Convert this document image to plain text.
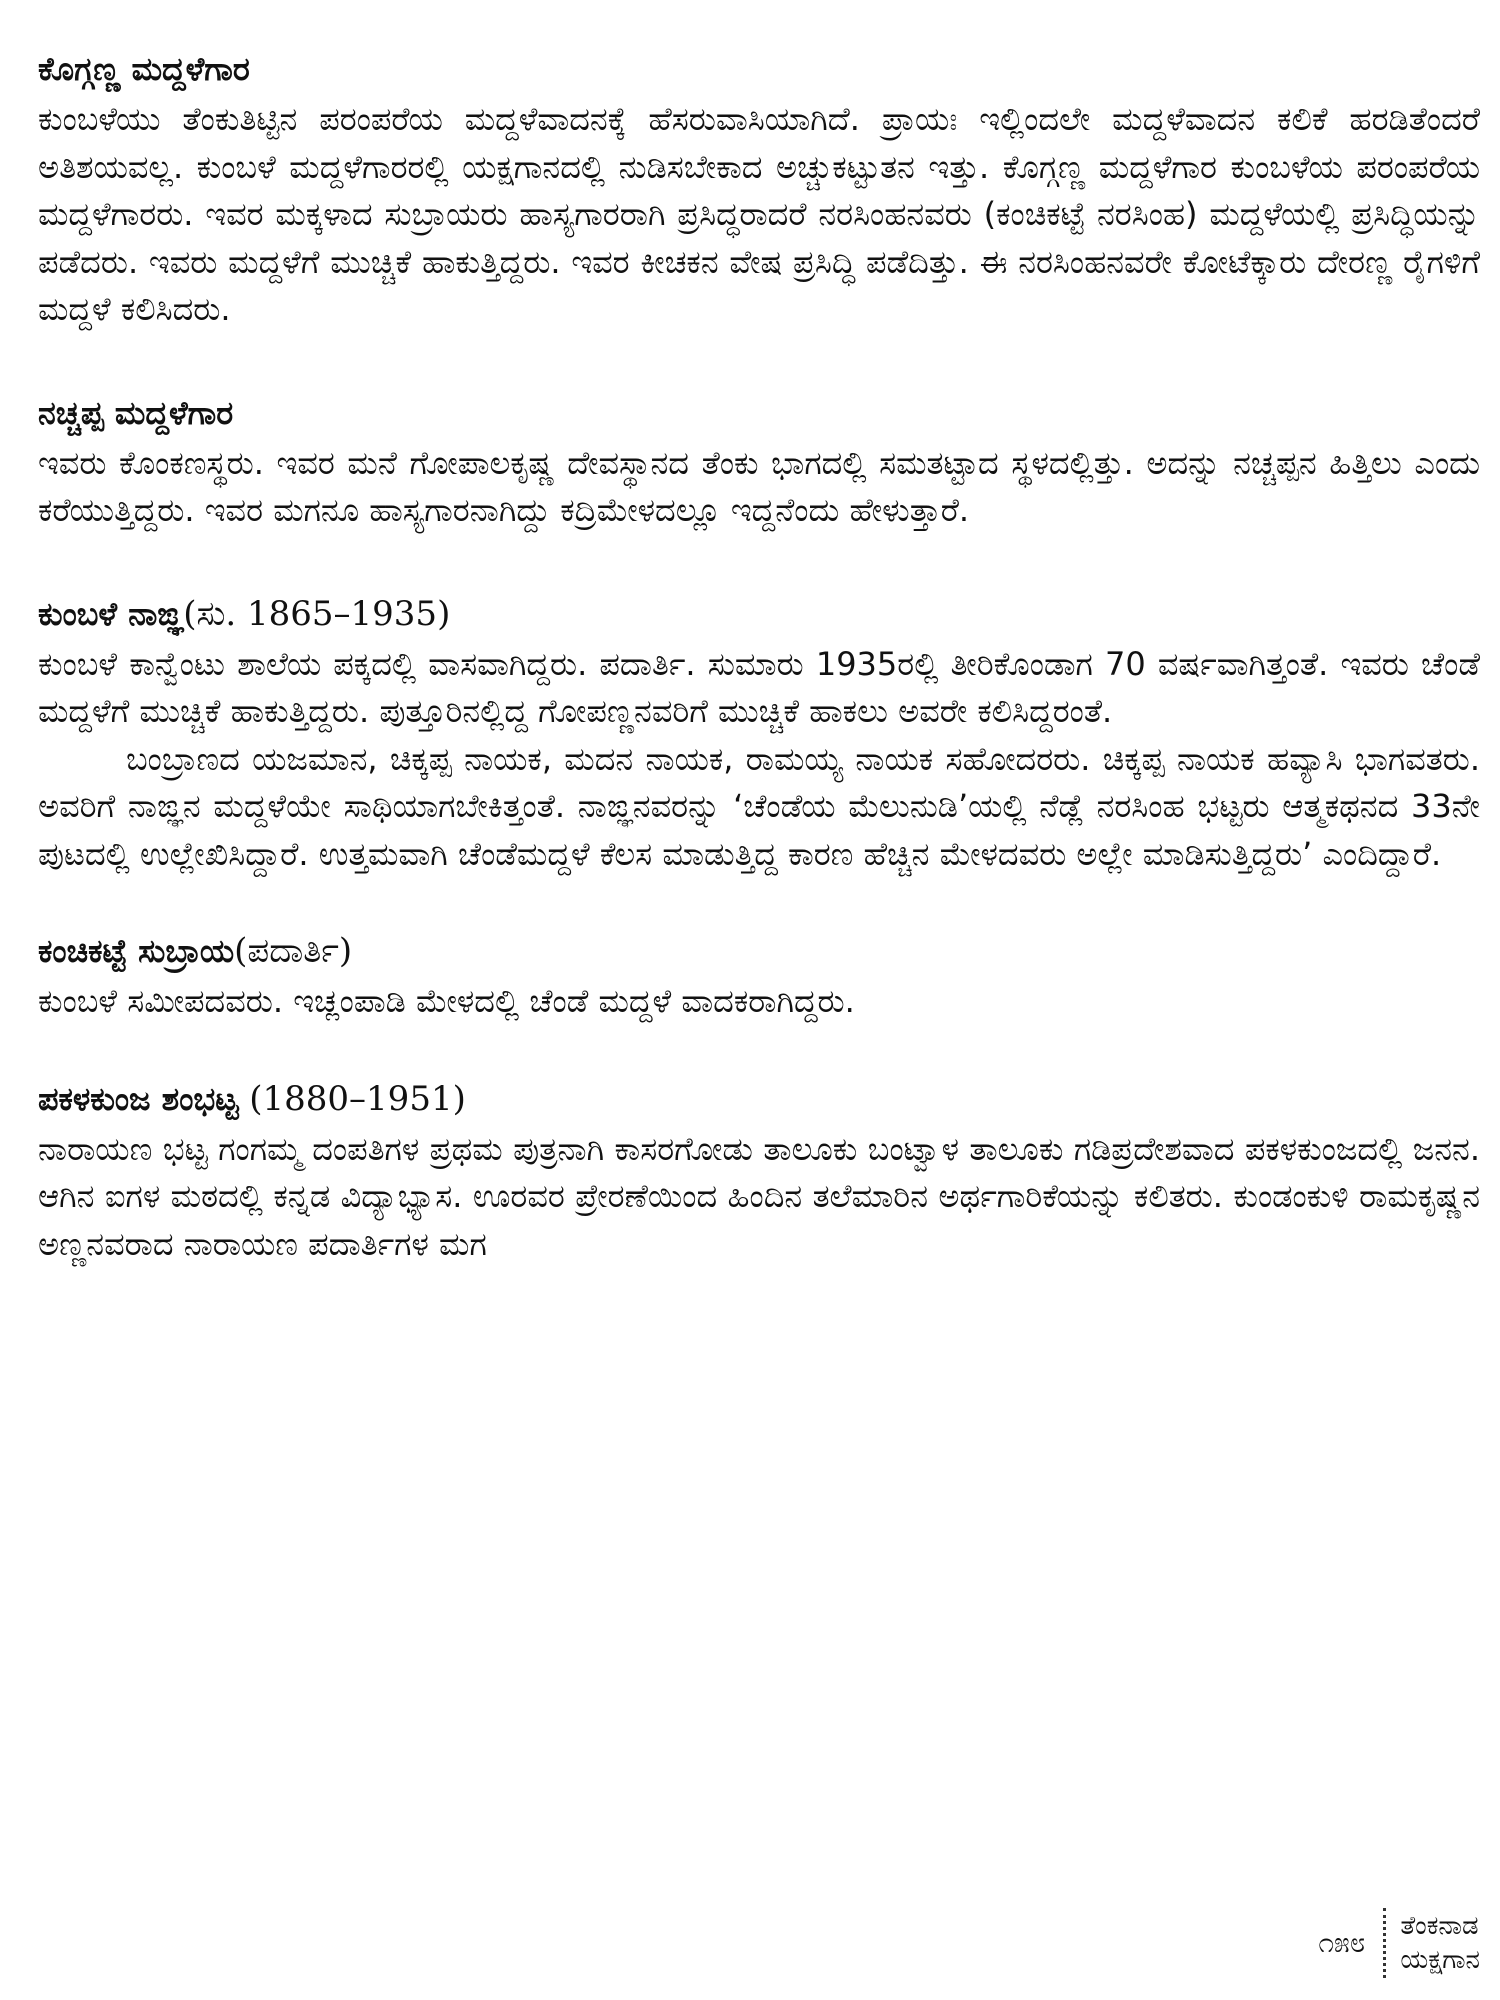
ಕೊಗ್ಗಣ್ಣ ಮದ್ದಳೆಗಾರ

ಕುಂಬಳೆಯು ತೆಂಕುತಿಟ್ಟಿನ ಪರಂಪರೆಯ ಮದ್ದಳೆವಾದನಕ್ಕೆ ಹೆಸರುವಾಸಿಯಾಗಿದೆ. ಪ್ರಾಯಃ ಇಲ್ಲಿಂದಲೇ ಮದ್ದಳೆವಾದನ ಕಲಿಕೆ ಹರಡಿತೆಂದರೆ ಅತಿಶಯವಲ್ಲ. ಕುಂಬಳೆ ಮದ್ದಳೆಗಾರರಲ್ಲಿ ಯಕ್ಷಗಾನದಲ್ಲಿ ನುಡಿಸಬೇಕಾದ ಅಚ್ಚುಕಟ್ಟುತನ ಇತ್ತು. ಕೊಗ್ಗಣ್ಣ ಮದ್ದಳೆಗಾರ ಕುಂಬಳೆಯ ಪರಂಪರೆಯ ಮದ್ದಳೆಗಾರರು. ಇವರ ಮಕ್ಕಳಾದ ಸುಬ್ರಾಯರು ಹಾಸ್ಯಗಾರರಾಗಿ ಪ್ರಸಿದ್ಧರಾದರೆ ನರಸಿಂಹನವರು (ಕಂಚಿಕಟ್ಟೆ ನರಸಿಂಹ) ಮದ್ದಳೆಯಲ್ಲಿ ಪ್ರಸಿದ್ಧಿಯನ್ನು ಪಡೆದರು. ಇವರು ಮದ್ದಳೆಗೆ ಮುಚ್ಚಿಕೆ ಹಾಕುತ್ತಿದ್ದರು. ಇವರ ಕೀಚಕನ ವೇಷ ಪ್ರಸಿದ್ಧಿ ಪಡೆದಿತ್ತು. ಈ ನರಸಿಂಹನವರೇ ಕೋಟೆಕ್ಕಾರು ದೇರಣ್ಣ ರೈಗಳಿಗೆ ಮದ್ದಳೆ ಕಲಿಸಿದರು.

ನಚ್ಚಪ್ಪ ಮದ್ದಳೆಗಾರ

ಇವರು ಕೊಂಕಣಸ್ಥರು. ಇವರ ಮನೆ ಗೋಪಾಲಕೃಷ್ಣ ದೇವಸ್ಥಾನದ ತೆಂಕು ಭಾಗದಲ್ಲಿ ಸಮತಟ್ಟಾದ ಸ್ಥಳದಲ್ಲಿತ್ತು. ಅದನ್ನು ನಚ್ಚಪ್ಪನ ಹಿತ್ತಿಲು ಎಂದು ಕರೆಯುತ್ತಿದ್ದರು. ಇವರ ಮಗನೂ ಹಾಸ್ಯಗಾರನಾಗಿದ್ದು ಕದ್ರಿಮೇಳದಲ್ಲೂ ಇದ್ದನೆಂದು ಹೇಳುತ್ತಾರೆ.

ಕುಂಬಳೆ ನಾಙ್ಞ(ಸು. 1865–1935)

ಕುಂಬಳೆ ಕಾನ್ವೆಂಟು ಶಾಲೆಯ ಪಕ್ಕದಲ್ಲಿ ವಾಸವಾಗಿದ್ದರು. ಪದಾರ್ತಿ. ಸುಮಾರು 1935ರಲ್ಲಿ ತೀರಿಕೊಂಡಾಗ 70 ವರ್ಷವಾಗಿತ್ತಂತೆ. ಇವರು ಚೆಂಡೆ ಮದ್ದಳೆಗೆ ಮುಚ್ಚಿಕೆ ಹಾಕುತ್ತಿದ್ದರು. ಪುತ್ತೂರಿನಲ್ಲಿದ್ದ ಗೋಪಣ್ಣನವರಿಗೆ ಮುಚ್ಚಿಕೆ ಹಾಕಲು ಅವರೇ ಕಲಿಸಿದ್ದರಂತೆ.

ಬಂಬ್ರಾಣದ ಯಜಮಾನ, ಚಿಕ್ಕಪ್ಪ ನಾಯಕ, ಮದನ ನಾಯಕ, ರಾಮಯ್ಯ ನಾಯಕ ಸಹೋದರರು. ಚಿಕ್ಕಪ್ಪ ನಾಯಕ ಹವ್ಯಾಸಿ ಭಾಗವತರು. ಅವರಿಗೆ ನಾಙ್ಞನ ಮದ್ದಳೆಯೇ ಸಾಥಿಯಾಗಬೇಕಿತ್ತಂತೆ. ನಾಙ್ಞನವರನ್ನು ‘ಚೆಂಡೆಯ ಮೆಲುನುಡಿ’ಯಲ್ಲಿ ನೆಡ್ಲೆ ನರಸಿಂಹ ಭಟ್ಟರು ಆತ್ಮಕಥನದ 33ನೇ ಪುಟದಲ್ಲಿ ಉಲ್ಲೇಖಿಸಿದ್ದಾರೆ. ಉತ್ತಮವಾಗಿ ಚೆಂಡೆಮದ್ದಳೆ ಕೆಲಸ ಮಾಡುತ್ತಿದ್ದ ಕಾರಣ ಹೆಚ್ಚಿನ ಮೇಳದವರು ಅಲ್ಲೇ ಮಾಡಿಸುತ್ತಿದ್ದರು’ ಎಂದಿದ್ದಾರೆ.

ಕಂಚಿಕಟ್ಟೆ ಸುಬ್ರಾಯ(ಪದಾರ್ತಿ)

ಕುಂಬಳೆ ಸಮೀಪದವರು. ಇಚ್ಲಂಪಾಡಿ ಮೇಳದಲ್ಲಿ ಚೆಂಡೆ ಮದ್ದಳೆ ವಾದಕರಾಗಿದ್ದರು.

ಪಕಳಕುಂಜ ಶಂಭಟ್ಟ (1880–1951)

ನಾರಾಯಣ ಭಟ್ಟ ಗಂಗಮ್ಮ ದಂಪತಿಗಳ ಪ್ರಥಮ ಪುತ್ರನಾಗಿ ಕಾಸರಗೋಡು ತಾಲೂಕು ಬಂಟ್ವಾಳ ತಾಲೂಕು ಗಡಿಪ್ರದೇಶವಾದ ಪಕಳಕುಂಜದಲ್ಲಿ ಜನನ. ಆಗಿನ ಐಗಳ ಮಠದಲ್ಲಿ ಕನ್ನಡ ವಿದ್ಯಾಭ್ಯಾಸ. ಊರವರ ಪ್ರೇರಣೆಯಿಂದ ಹಿಂದಿನ ತಲೆಮಾರಿನ ಅರ್ಥಗಾರಿಕೆಯನ್ನು ಕಲಿತರು. ಕುಂಡಂಕುಳಿ ರಾಮಕೃಷ್ಣನ ಅಣ್ಣನವರಾದ ನಾರಾಯಣ ಪದಾರ್ತಿಗಳ ಮಗ

೧೫೮ ತೆಂಕನಾಡ
ಯಕ್ಷಗಾನ
